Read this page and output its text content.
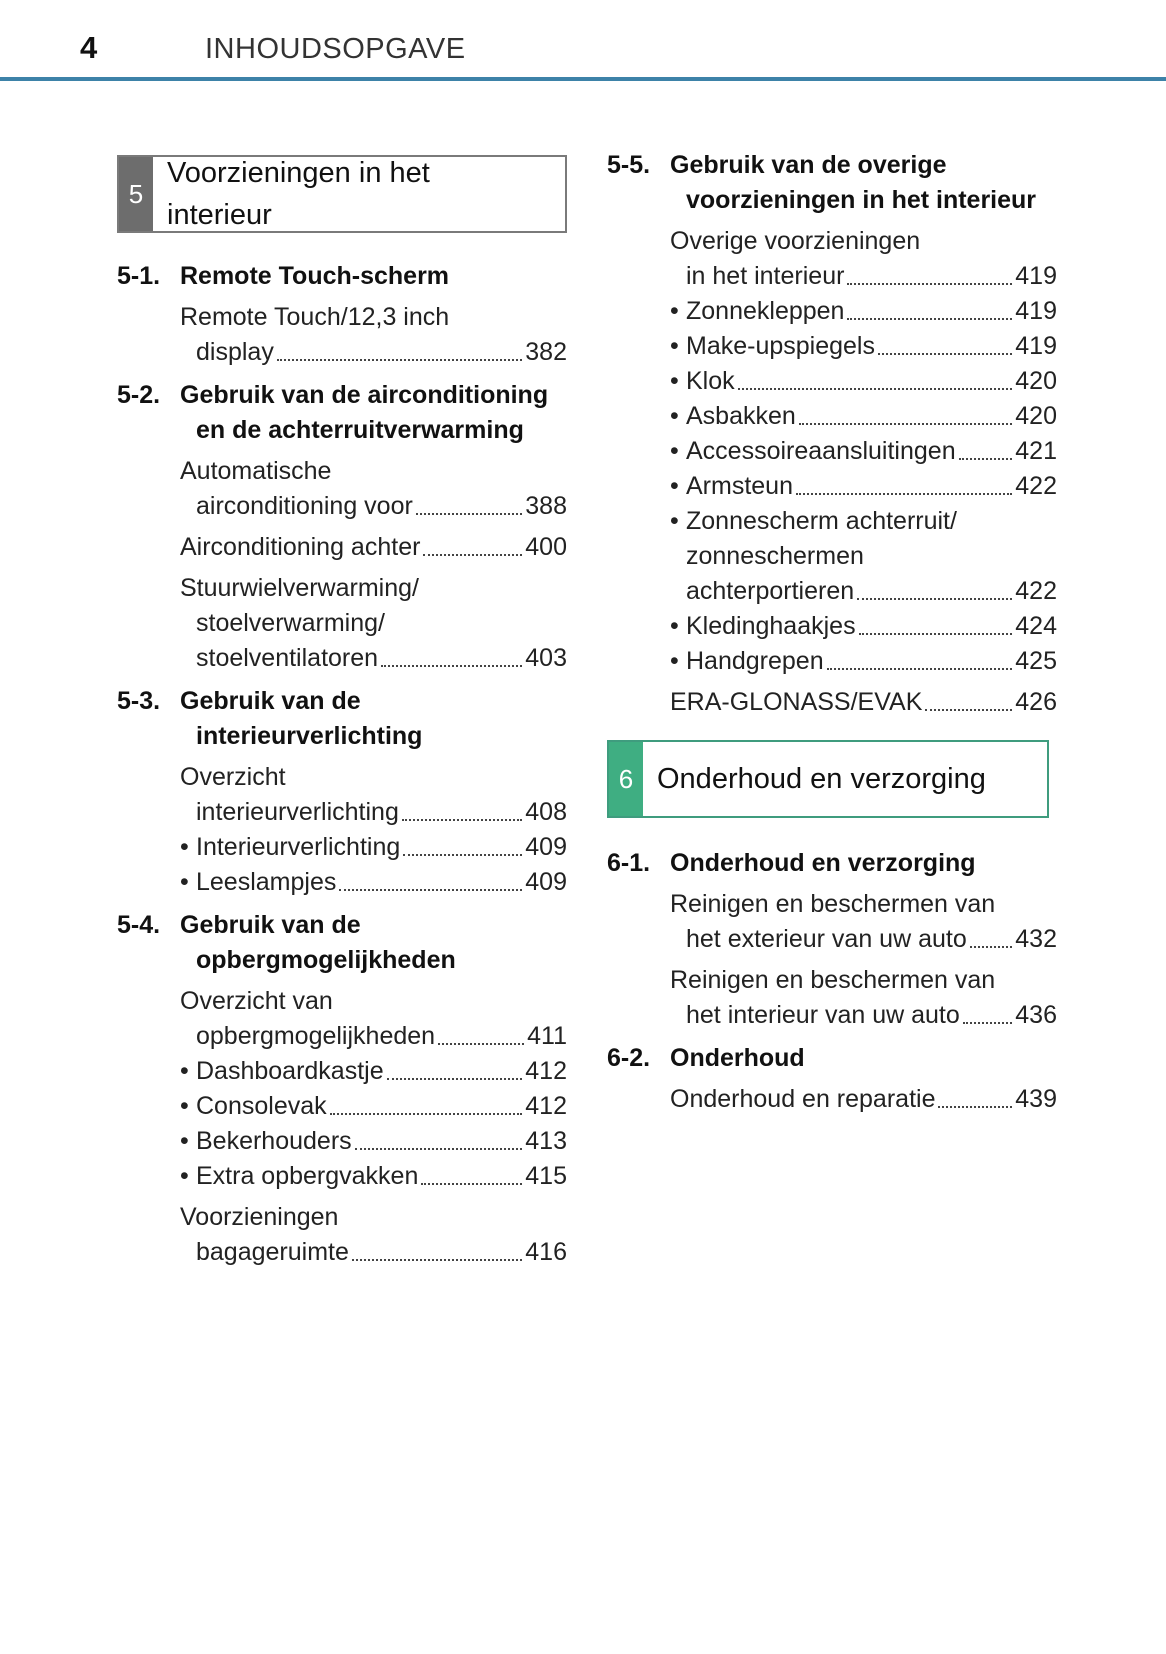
4	INHOUDSOPGAVE
5
Voorzieningen in het
interieur
5-1. Remote Touch-scherm
Remote Touch/12,3 inch
display	382
5-2. Gebruik van de airconditioning
en de achterruitverwarming
Automatische
airconditioning voor	388
Airconditioning achter	400
Stuurwielverwarming/
stoelverwarming/
stoelventilatoren	403
5-3. Gebruik van de
interieurverlichting
Overzicht
interieurverlichting	408
• Interieurverlichting	409
• Leeslampjes	409
5-4. Gebruik van de
opbergmogelijkheden
Overzicht van
opbergmogelijkheden	411
• Dashboardkastje	412
• Consolevak	412
• Bekerhouders	413
• Extra opbergvakken	415
Voorzieningen
bagageruimte	416
5-5. Gebruik van de overige
voorzieningen in het interieur
Overige voorzieningen
in het interieur	419
• Zonnekleppen	419
• Make-upspiegels	419
• Klok	420
• Asbakken	420
• Accessoireaansluitingen 421
• Armsteun	422
• Zonnescherm achterruit/
zonneschermen
achterportieren	422
• Kledinghaakjes	424
• Handgrepen	425
ERA-GLONASS/EVAK	426
6 Onderhoud en verzorging
6-1. Onderhoud en verzorging
Reinigen en beschermen van
het exterieur van uw auto 432
Reinigen en beschermen van
het interieur van uw auto 436
6-2. Onderhoud
Onderhoud en reparatie	439
